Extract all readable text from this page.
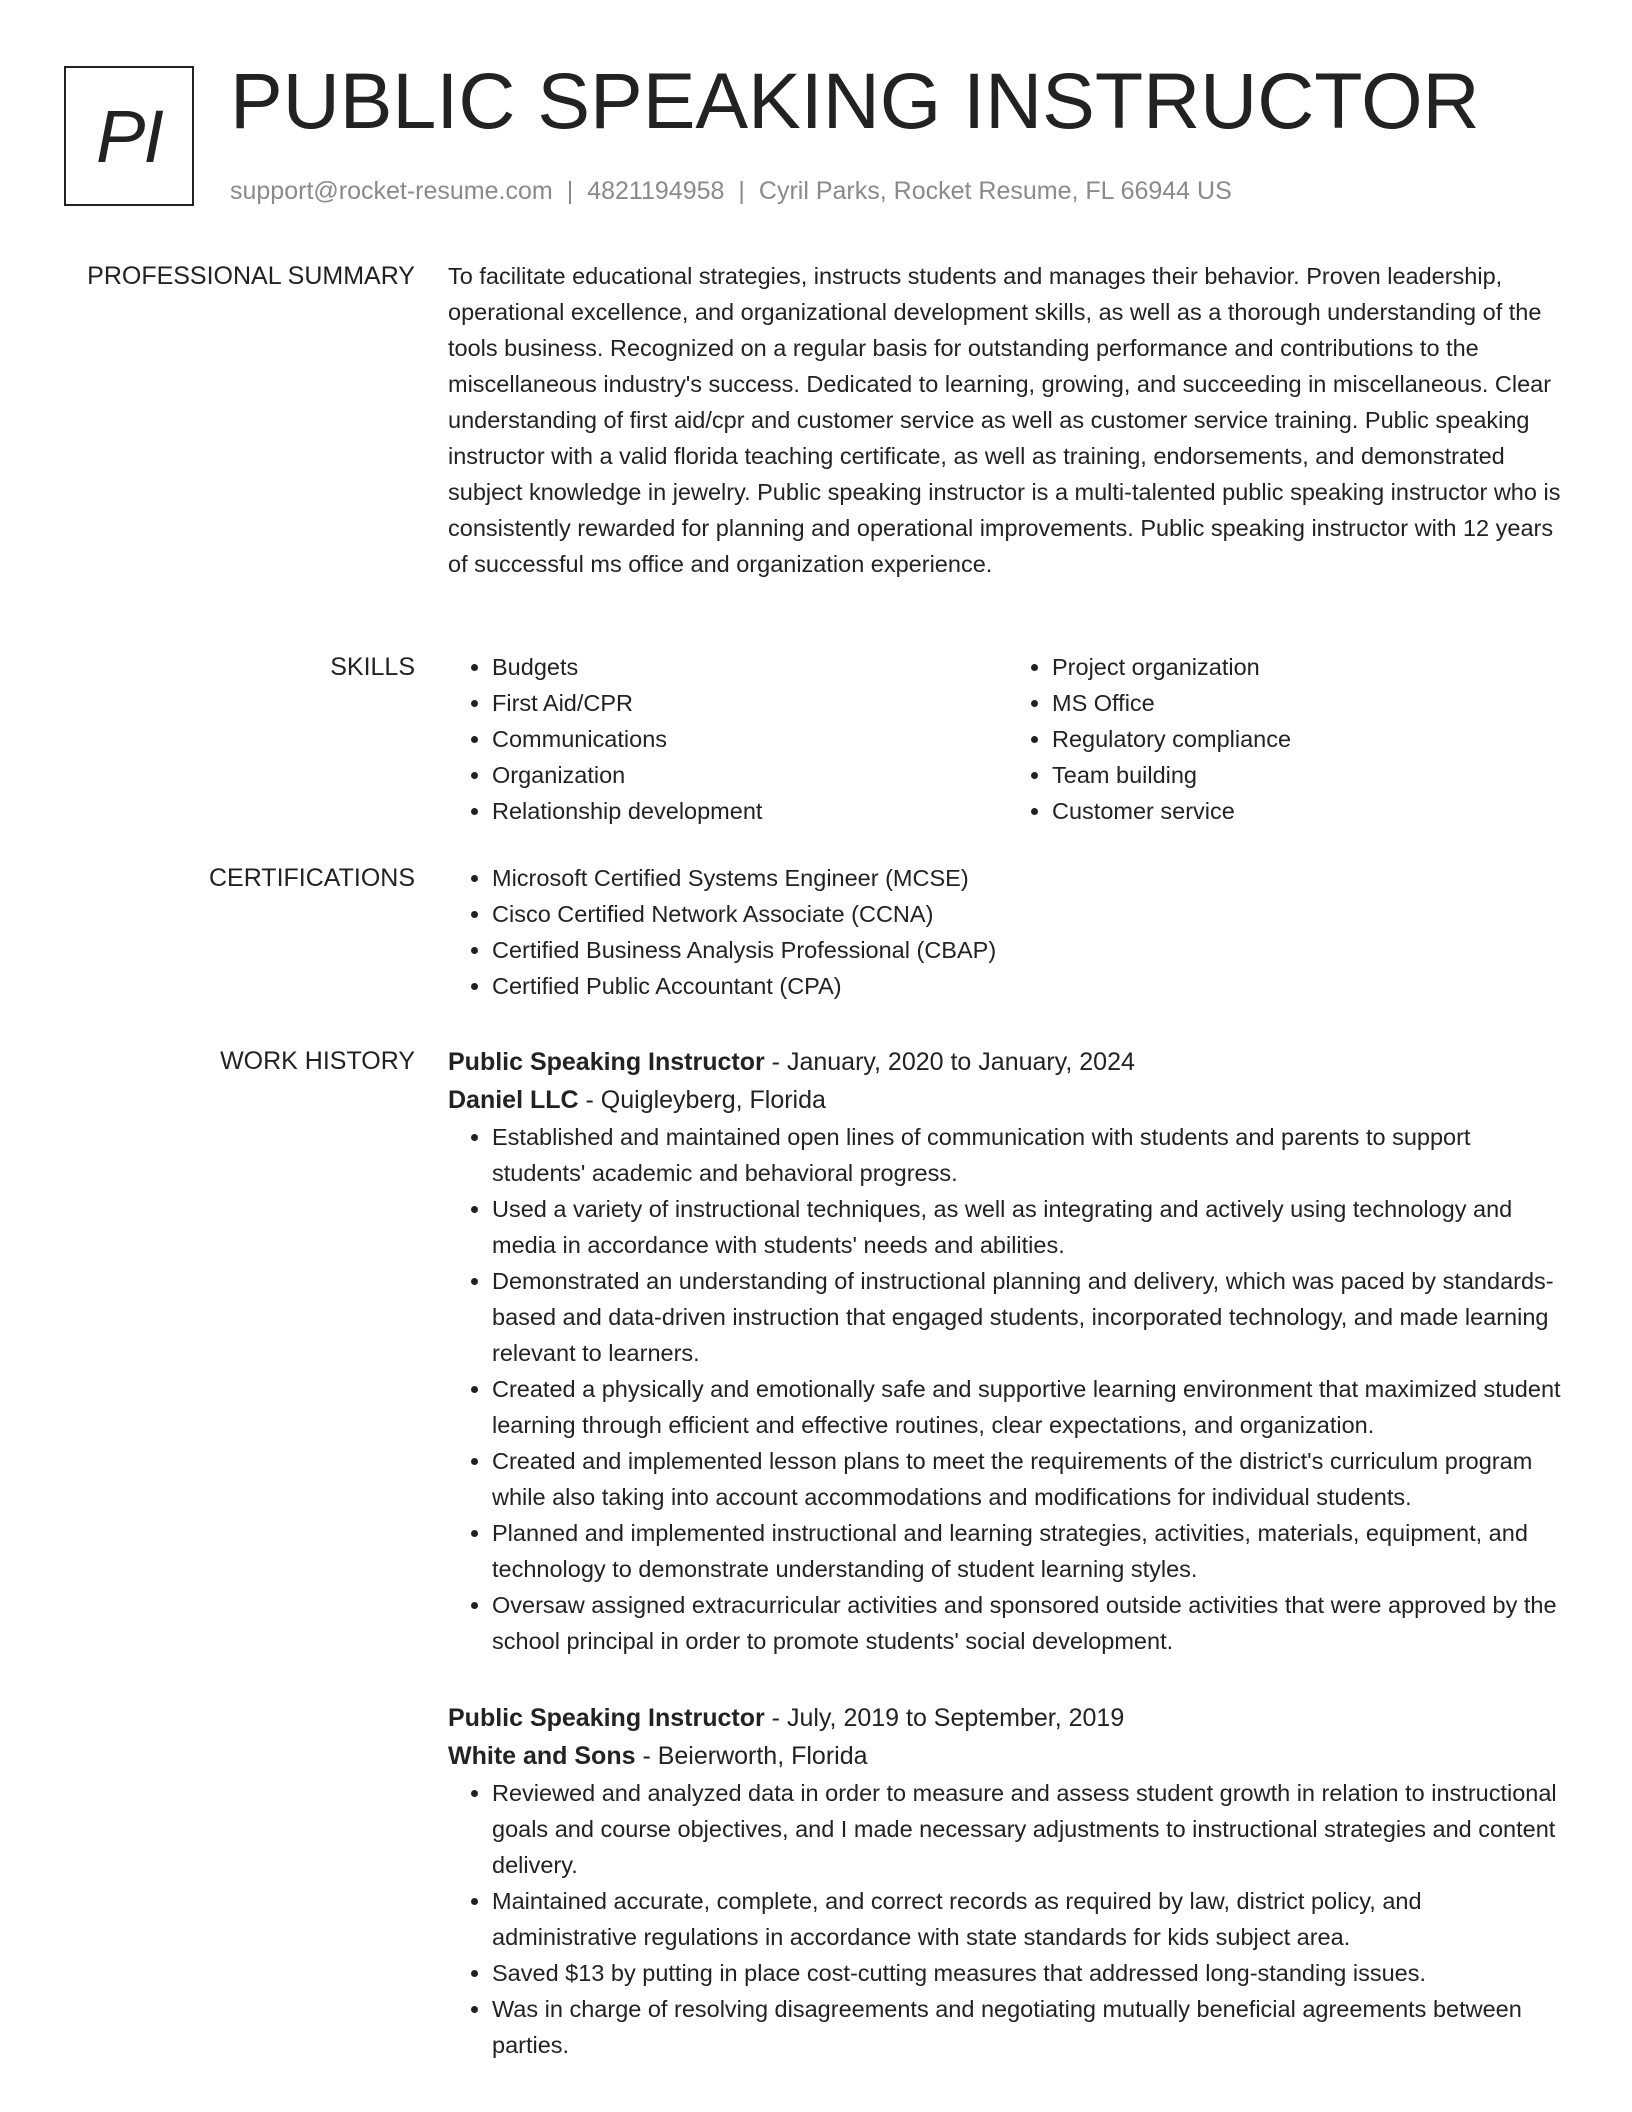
PI PUBLIC SPEAKING INSTRUCTOR
support@rocket-resume.com | 4821194958 | Cyril Parks, Rocket Resume, FL 66944 US
PROFESSIONAL SUMMARY To facilitate educational strategies, instructs students and manages their behavior. Proven leadership, operational excellence, and organizational development skills, as well as a thorough understanding of the tools business. Recognized on a regular basis for outstanding performance and contributions to the miscellaneous industry's success. Dedicated to learning, growing, and succeeding in miscellaneous. Clear understanding of first aid/cpr and customer service as well as customer service training. Public speaking instructor with a valid florida teaching certificate, as well as training, endorsements, and demonstrated subject knowledge in jewelry. Public speaking instructor is a multi-talented public speaking instructor who is consistently rewarded for planning and operational improvements. Public speaking instructor with 12 years of successful ms office and organization experience.

SKILLS	• Budgets
• First Aid/CPR
• Communications
• Organization
• Relationship development
• Project organization
• MS Office
• Regulatory compliance
• Team building
• Customer service
CERTIFICATIONS	• Microsoft Certified Systems Engineer (MCSE)
• Cisco Certified Network Associate (CCNA)
• Certified Business Analysis Professional (CBAP)
• Certified Public Accountant (CPA)
WORK HISTORY Public Speaking Instructor - January, 2020 to January, 2024
Daniel LLC - Quigleyberg, Florida
• Established and maintained open lines of communication with students and parents to support students' academic and behavioral progress.
• Used a variety of instructional techniques, as well as integrating and actively using technology and media in accordance with students' needs and abilities.
• Demonstrated an understanding of instructional planning and delivery, which was paced by standards-based and data-driven instruction that engaged students, incorporated technology, and made learning relevant to learners.
• Created a physically and emotionally safe and supportive learning environment that maximized student learning through efficient and effective routines, clear expectations, and organization.
• Created and implemented lesson plans to meet the requirements of the district's curriculum program while also taking into account accommodations and modifications for individual students.
• Planned and implemented instructional and learning strategies, activities, materials, equipment, and technology to demonstrate understanding of student learning styles.
• Oversaw assigned extracurricular activities and sponsored outside activities that were approved by the school principal in order to promote students' social development.
Public Speaking Instructor - July, 2019 to September, 2019
White and Sons - Beierworth, Florida
• Reviewed and analyzed data in order to measure and assess student growth in relation to instructional goals and course objectives, and I made necessary adjustments to instructional strategies and content delivery.
• Maintained accurate, complete, and correct records as required by law, district policy, and administrative regulations in accordance with state standards for kids subject area.
• Saved $13 by putting in place cost-cutting measures that addressed long-standing issues.
• Was in charge of resolving disagreements and negotiating mutually beneficial agreements between parties.
